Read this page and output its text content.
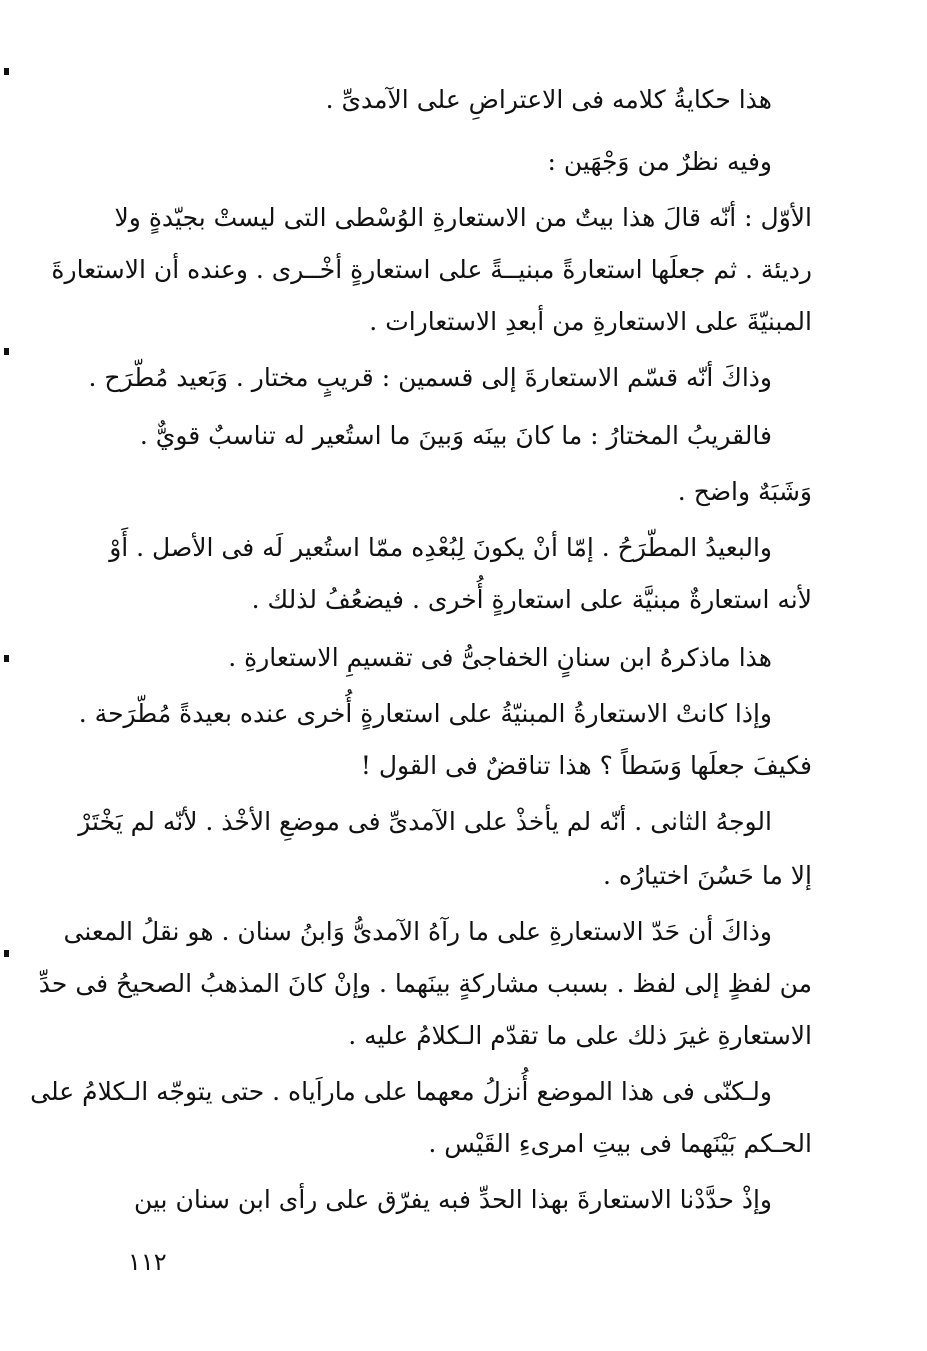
هذا حكايةُ كلامه فى الاعتراضِ على الآمدىِّ .
وفيه نظرٌ من وَجْهَين :
الأوّل : أنّه قالَ هذا بيتٌ من الاستعارةِ الوُسْطى التى ليستْ بجيّدةٍ ولا
رديئة . ثم جعلَها استعارةً مبنيــةً على استعارةٍ أخْــرى . وعنده أن الاستعارةَ
المبنيّةَ على الاستعارةِ من أبعدِ الاستعارات .
وذاكَ أنّه قسّم الاستعارةَ إلى قسمين : قريبٍ مختار . وَبَعيد مُطّرَح .
فالقريبُ المختارُ : ما كانَ بينَه وَبينَ ما استُعير له تناسبٌ قويٌّ .
وَشَبَهٌ واضح .
والبعيدُ المطّرَحُ . إمّا أنْ يكونَ لِبُعْدِه ممّا استُعير لَه فى الأصل . أَوْ
لأنه استعارةٌ مبنيَّة على استعارةٍ أُخرى . فيضعُفُ لذلك .
هذا ماذكرهُ ابن سنانٍ الخفاجىُّ فى تقسيمِ الاستعارةِ .
وإذا كانتْ الاستعارةُ المبنيّةُ على استعارةٍ أُخرى عنده بعيدةً مُطّرَحة .
فكيفَ جعلَها وَسَطاً ؟ هذا تناقضٌ فى القول !
الوجهُ الثانى . أنّه لم يأخذْ على الآمدىِّ فى موضعِ الأخْذ . لأنّه لم يَخْتَرْ
إلا ما حَسُنَ اختيارُه .
وذاكَ أن حَدّ الاستعارةِ على ما رآهُ الآمدىُّ وَابنُ سنان . هو نقلُ المعنى
من لفظٍ إلى لفظ . بسبب مشاركةٍ بينَهما . وإنْ كانَ المذهبُ الصحيحُ فى حدِّ
الاستعارةِ غيرَ ذلك على ما تقدّم الـكلامُ عليه .
ولـكنّى فى هذا الموضع أُنزلُ معهما على ماراَياه . حتى يتوجّه الـكلامُ على
الحـكم بَيْنَهما فى بيتِ امرىءِ القَيْس .
وإذْ حدَّدْنا الاستعارةَ بهذا الحدِّ فبه يفرّق على رأى ابن سنان بين
١١٢
